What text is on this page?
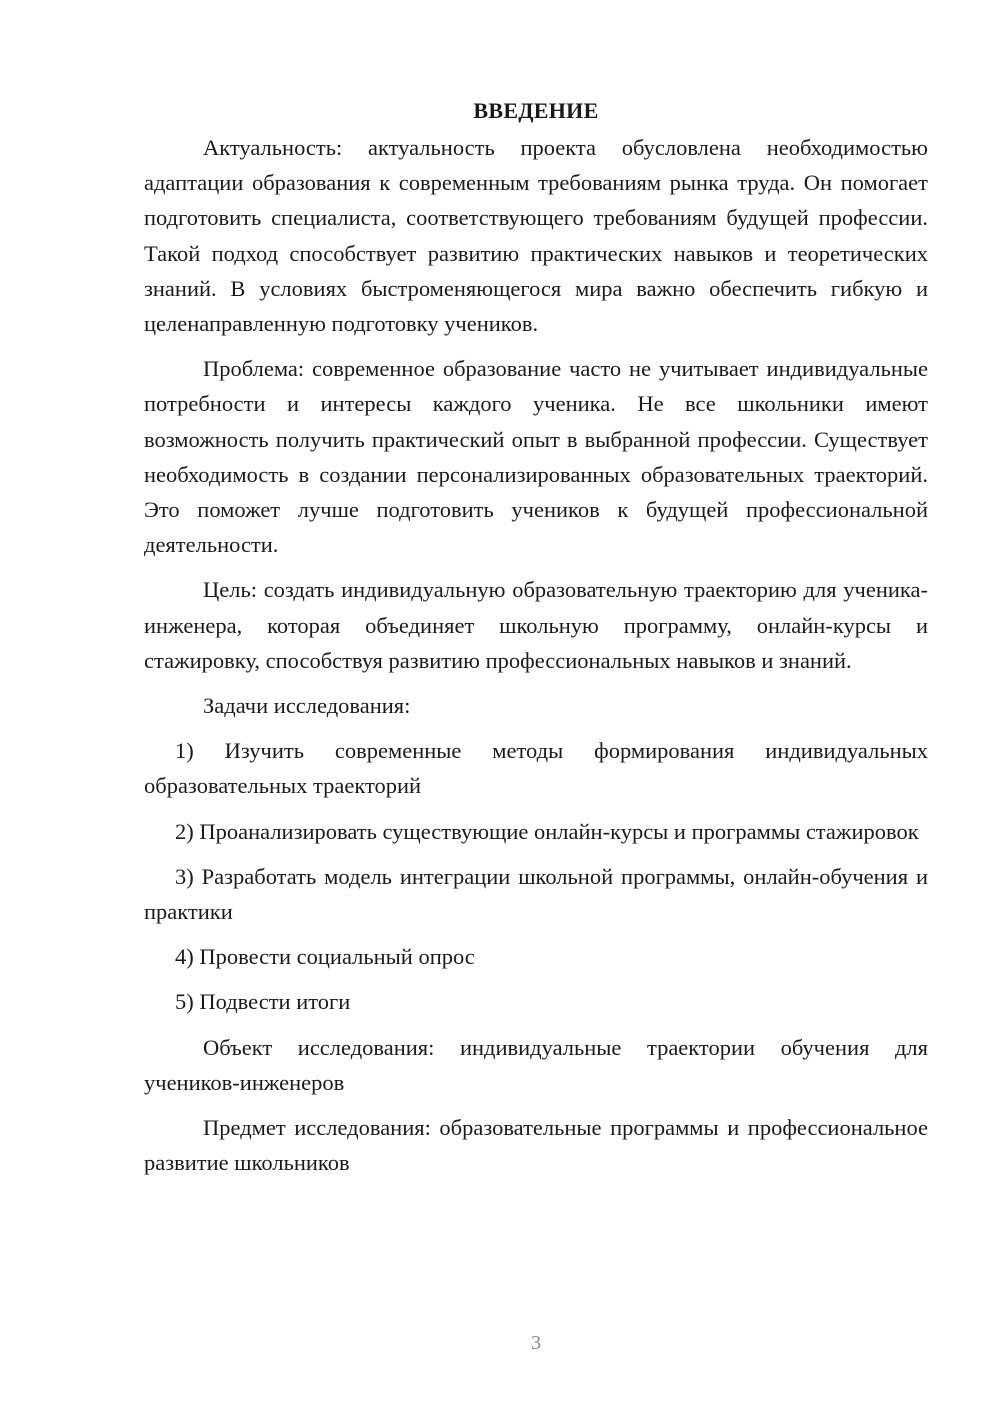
ВВЕДЕНИЕ

Актуальность: актуальность проекта обусловлена необходимостью адаптации образования к современным требованиям рынка труда. Он помогает подготовить специалиста, соответствующего требованиям будущей профессии. Такой подход способствует развитию практических навыков и теоретических знаний. В условиях быстроменяющегося мира важно обеспечить гибкую и целенаправленную подготовку учеников.

Проблема: современное образование часто не учитывает индивидуальные потребности и интересы каждого ученика. Не все школьники имеют возможность получить практический опыт в выбранной профессии. Существует необходимость в создании персонализированных образовательных траекторий. Это поможет лучше подготовить учеников к будущей профессиональной деятельности.

Цель: создать индивидуальную образовательную траекторию для ученика-инженера, которая объединяет школьную программу, онлайн-курсы и стажировку, способствуя развитию профессиональных навыков и знаний.

Задачи исследования:

1) Изучить современные методы формирования индивидуальных образовательных траекторий

2) Проанализировать существующие онлайн-курсы и программы стажировок

3) Разработать модель интеграции школьной программы, онлайн-обучения и практики

4) Провести социальный опрос

5) Подвести итоги

Объект исследования: индивидуальные траектории обучения для учеников-инженеров

Предмет исследования: образовательные программы и профессиональное развитие школьников

3
